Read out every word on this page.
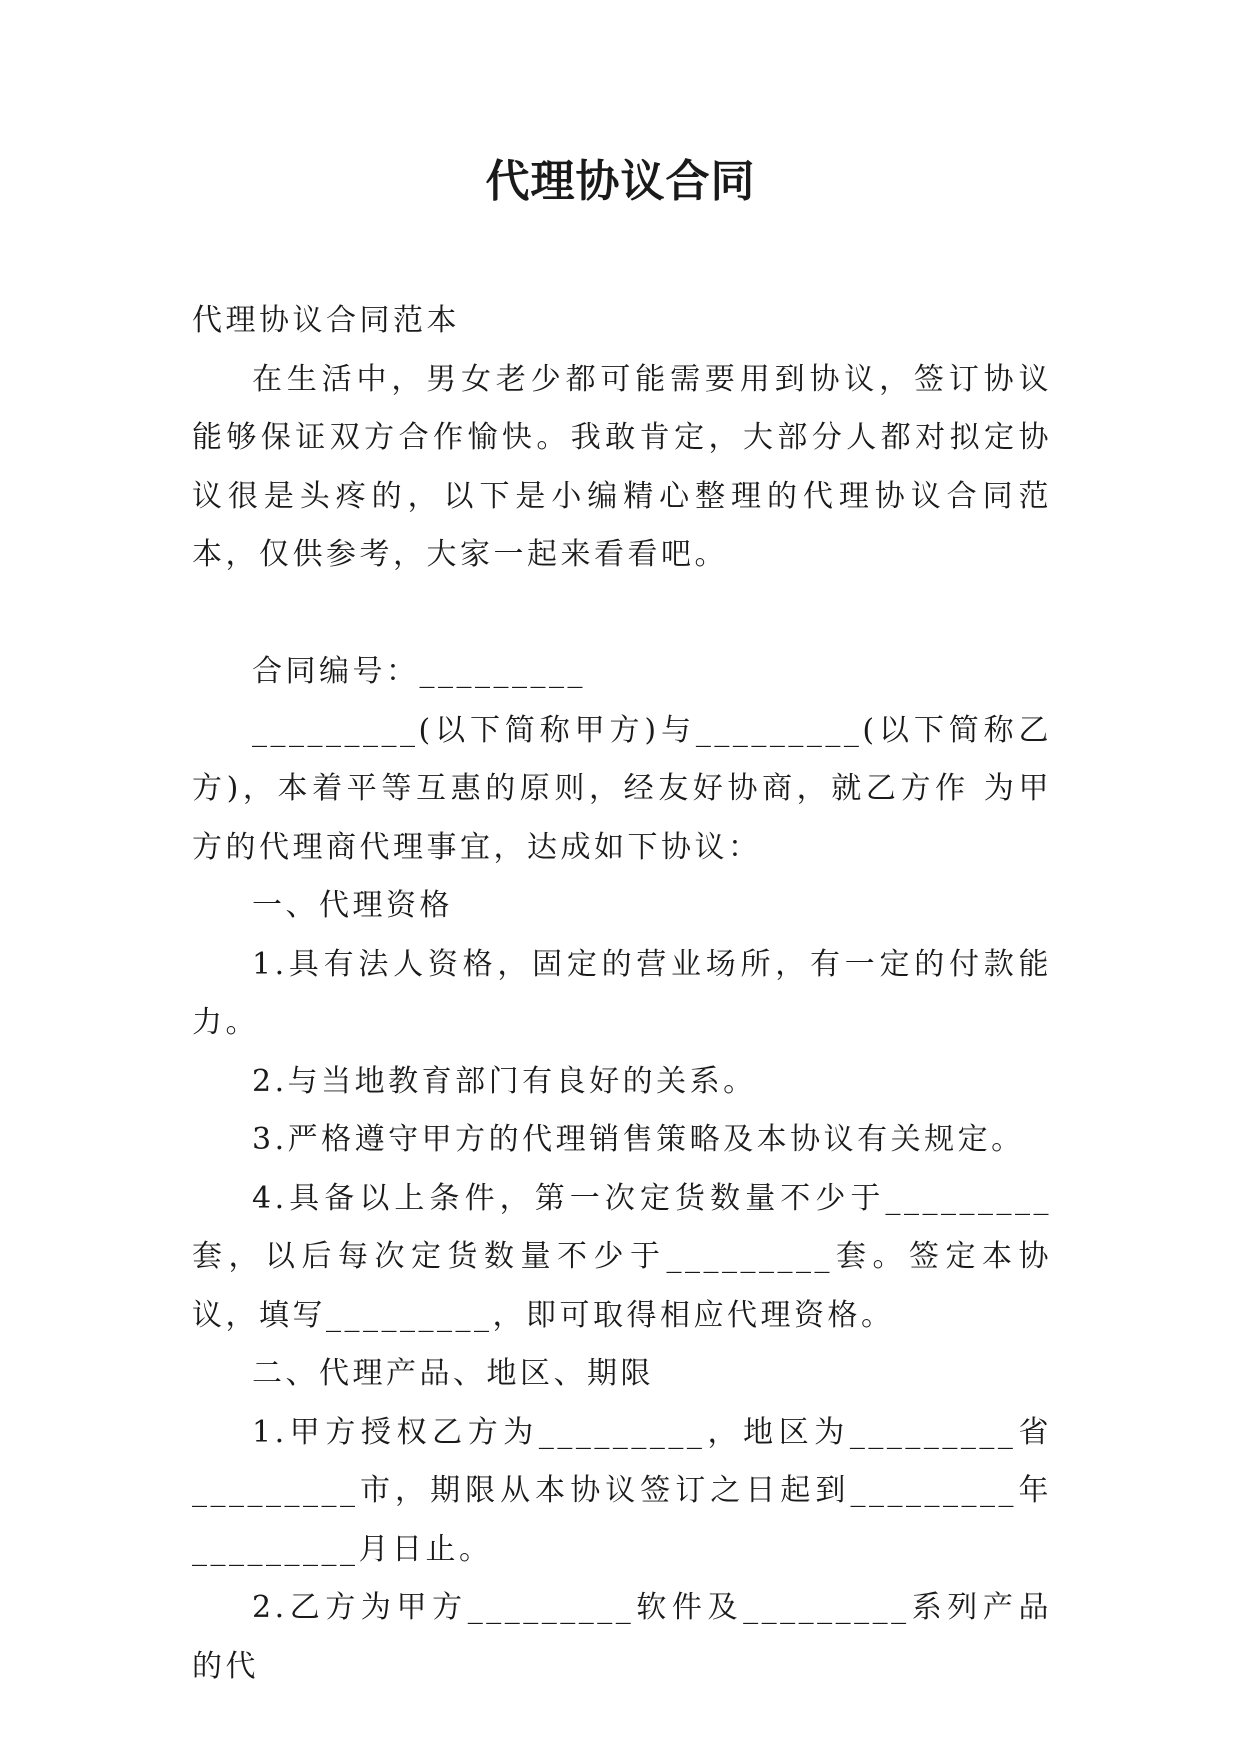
代理协议合同

代理协议合同范本

在生活中，男女老少都可能需要用到协议，签订协议能够保证双方合作愉快。我敢肯定，大部分人都对拟定协议很是头疼的，以下是小编精心整理的代理协议合同范本，仅供参考，大家一起来看看吧。

合同编号：_________

_________(以下简称甲方)与_________(以下简称乙方)，本着平等互惠的原则，经友好协商，就乙方作 为甲方的代理商代理事宜，达成如下协议：

一、代理资格

1.具有法人资格，固定的营业场所，有一定的付款能力。

2.与当地教育部门有良好的关系。

3.严格遵守甲方的代理销售策略及本协议有关规定。

4.具备以上条件，第一次定货数量不少于_________套，以后每次定货数量不少于_________套。签定本协议，填写_________，即可取得相应代理资格。

二、代理产品、地区、期限

1.甲方授权乙方为_________，地区为_________省_________市，期限从本协议签订之日起到_________年_________月日止。

2.乙方为甲方_________软件及_________系列产品的代
